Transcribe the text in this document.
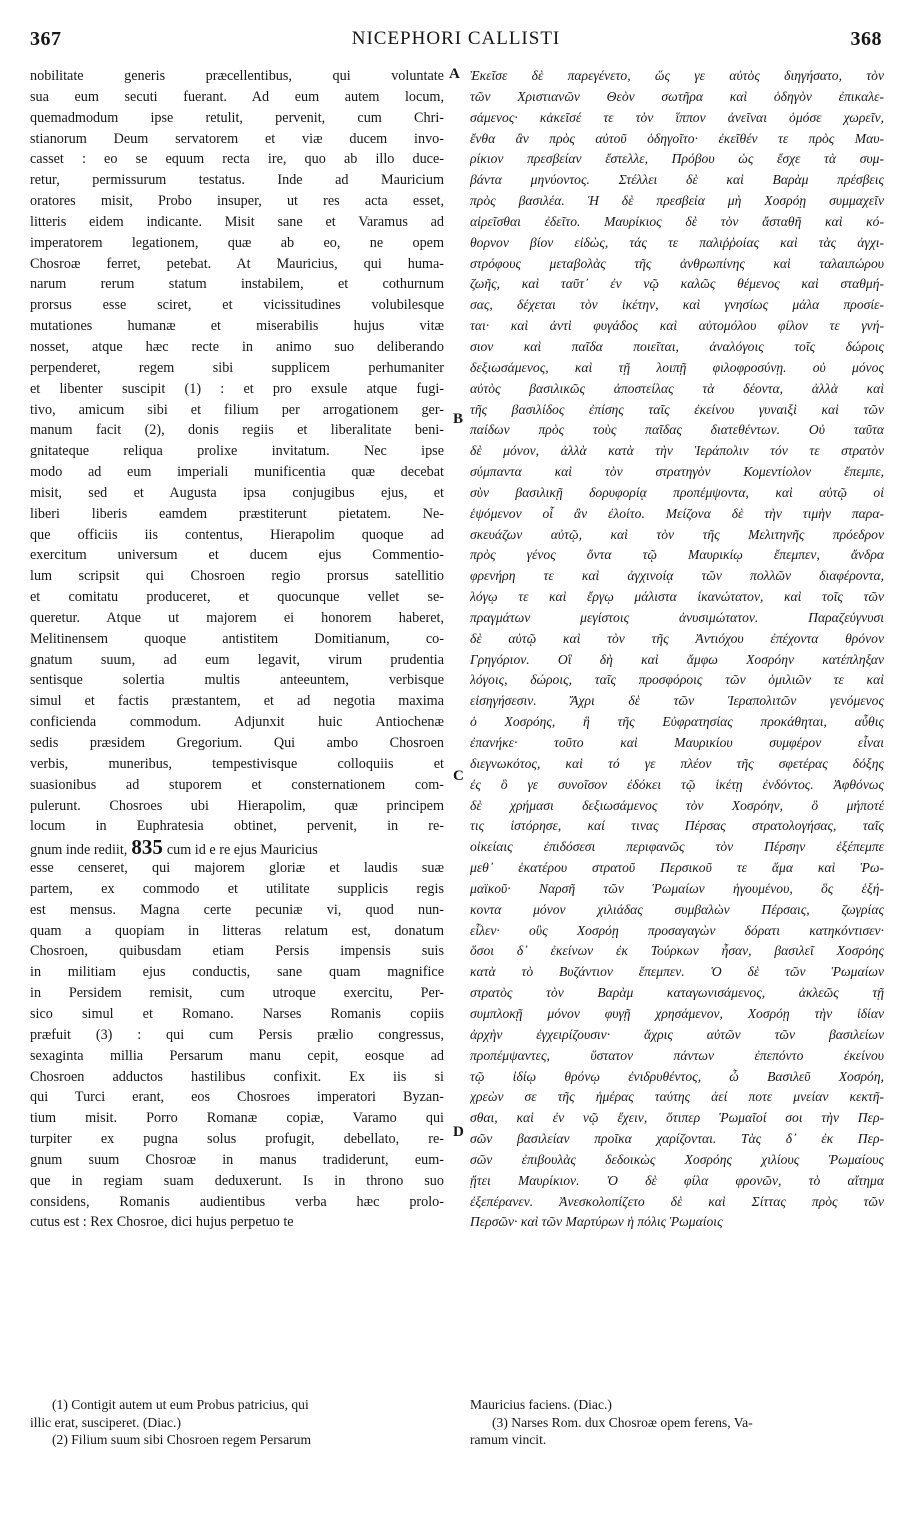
367	NICEPHORI CALLISTI	368
A
B
C
D
nobilitate generis præcellentibus, qui voluntate
sua eum secuti fuerant. Ad eum autem locum,
quemadmodum ipse retulit, pervenit, cum Chri-
stianorum Deum servatorem et viæ ducem invo-
casset : eo se equum recta ire, quo ab illo duce-
retur, permissurum testatus. Inde ad Mauricium
oratores misit, Probo insuper, ut res acta esset,
litteris eidem indicante. Misit sane et Varamus ad
imperatorem legationem, quæ ab eo, ne opem
Chosroæ ferret, petebat. At Mauricius, qui huma-
narum rerum statum instabilem, et cothurnum
prorsus esse sciret, et vicissitudines volubilesque
mutationes humanæ et miserabilis hujus vitæ
nosset, atque hæc recte in animo suo deliberando
perpenderet, regem sibi supplicem perhumaniter
et libenter suscipit (1) : et pro exsule atque fugi-
tivo, amicum sibi et filium per arrogationem ger-
manum facit (2), donis regiis et liberalitate beni-
gnitateque reliqua prolixe invitatum. Nec ipse
modo ad eum imperiali munificentia quæ decebat
misit, sed et Augusta ipsa conjugibus ejus, et
liberi liberis eamdem præstiterunt pietatem. Ne-
que officiis iis contentus, Hierapolim quoque ad
exercitum universum et ducem ejus Commentio-
lum scripsit qui Chosroen regio prorsus satellitio
et comitatu produceret, et quocunque vellet se-
queretur. Atque ut majorem ei honorem haberet,
Melitinensem quoque antistitem Domitianum, co-
gnatum suum, ad eum legavit, virum prudentia
sentisque solertia multis anteeuntem, verbisque
simul et factis præstantem, et ad negotia maxima
conficienda commodum. Adjunxit huic Antiochenæ
sedis præsidem Gregorium. Qui ambo Chosroen
verbis, muneribus, tempestivisque colloquiis et
suasionibus ad stuporem et consternationem com-
pulerunt. Chosroes ubi Hierapolim, quæ principem
locum in Euphratesia obtinet, pervenit, in re-
gnum inde rediit, 835 cum id e re ejus Mauricius
esse censeret, qui majorem gloriæ et laudis suæ
partem, ex commodo et utilitate supplicis regis
est mensus. Magna certe pecuniæ vi, quod nun-
quam a quopiam in litteras relatum est, donatum
Chosroen, quibusdam etiam Persis impensis suis
in militiam ejus conductis, sane quam magnifice
in Persidem remisit, cum utroque exercitu, Per-
sico simul et Romano. Narses Romanis copiis
præfuit (3) : qui cum Persis prælio congressus,
sexaginta millia Persarum manu cepit, eosque ad
Chosroen adductos hastilibus confixit. Ex iis si
qui Turci erant, eos Chosroes imperatori Byzan-
tium misit. Porro Romanæ copiæ, Varamo qui
turpiter ex pugna solus profugit, debellato, re-
gnum suum Chosroæ in manus tradiderunt, eum-
que in regiam suam deduxerunt. Is in throno suo
considens, Romanis audientibus verba hæc prolo-
cutus est : Rex Chosroe, dici hujus perpetuo te
Ἐκεῖσε δὲ παρεγένετο, ὥς γε αὐτὸς διηγήσατο, τὸν
τῶν Χριστιανῶν Θεὸν σωτῆρα καὶ ὁδηγὸν ἐπικαλε-
σάμενος· κἀκεῖσέ τε τὸν ἵππον ἀνεῖναι ὁμόσε χωρεῖν,
ἔνθα ἂν πρὸς αὐτοῦ ὁδηγοῖτο· ἐκεῖθέν τε πρὸς Μαυ-
ρίκιον πρεσβείαν ἔστελλε, Πρόβου ὡς ἔσχε τὰ συμ-
βάντα μηνύοντος. Στέλλει δὲ καὶ Βαρὰμ πρέσβεις
πρὸς βασιλέα. Ἡ δὲ πρεσβεία μὴ Χοσρόῃ συμμαχεῖν
αἱρεῖσθαι ἐδεῖτο. Μαυρίκιος δὲ τὸν ἄσταθῆ καὶ κό-
θορνον βίον εἰδὼς, τάς τε παλιῤῥοίας καὶ τὰς ἀγχι-
στρόφους μεταβολὰς τῆς ἀνθρωπίνης καὶ ταλαιπώρου
ζωῆς, καὶ ταῦτ᾽ ἐν νῷ καλῶς θέμενος καὶ σταθμή-
σας, δέχεται τὸν ἱκέτην, καὶ γνησίως μάλα προσίε-
ται· καὶ ἀντὶ φυγάδος καὶ αὐτομόλου φίλον τε γνή-
σιον καὶ παῖδα ποιεῖται, ἀναλόγοις τοῖς δώροις
δεξιωσάμενος, καὶ τῇ λοιπῇ φιλοφροσύνῃ. οὐ μόνος
αὐτὸς βασιλικῶς ἀποστείλας τὰ δέοντα, ἀλλὰ καὶ
τῆς βασιλίδος ἐπίσης ταῖς ἐκείνου γυναιξὶ καὶ τῶν
παίδων πρὸς τοὺς παῖδας διατεθέντων. Οὐ ταῦτα
δὲ μόνον, ἀλλὰ κατὰ τὴν Ἱεράπολιν τόν τε στρατὸν
σύμπαντα καὶ τὸν στρατηγὸν Κομεντίολον ἔπεμπε,
σὺν βασιλικῇ δορυφορίᾳ προπέμψοντα, καὶ αὐτῷ οἱ
ἑψόμενον οἷ ἂν ἐλοίτο. Μείζονα δὲ τὴν τιμὴν παρα-
σκευάζων αὐτῷ, καὶ τὸν τῆς Μελιτηνῆς πρόεδρον
πρὸς γένος ὄντα τῷ Μαυρικίῳ ἔπεμπεν, ἄνδρα
φρενήρη τε καὶ ἀγχινοίᾳ τῶν πολλῶν διαφέροντα,
λόγῳ τε καὶ ἔργῳ μάλιστα ἱκανώτατον, καὶ τοῖς τῶν
πραγμάτων μεγίστοις ἀνυσιμώτατον. Παραζεύγνυσι
δὲ αὐτῷ καὶ τὸν τῆς Ἀντιόχου ἐπέχοντα θρόνον
Γρηγόριον. Οἳ δὴ καὶ ἄμφω Χοσρόην κατέπληξαν
λόγοις, δώροις, ταῖς προσφόροις τῶν ὁμιλιῶν τε καὶ
εἰσηγήσεσιν. Ἄχρι δὲ τῶν Ἱεραπολιτῶν γενόμενος
ὁ Χοσρόης, ἣ τῆς Εὐφρατησίας προκάθηται, αὖθις
ἐπανήκε· τοῦτο καὶ Μαυρικίου συμφέρον εἶναι
διεγνωκότος, καὶ τό γε πλέον τῆς σφετέρας δόξης
ἐς ὃ γε συνοῖσον ἐδόκει τῷ ἱκέτῃ ἐνδόντος. Ἀφθόνως
δὲ χρήμασι δεξιωσάμενος τὸν Χοσρόην, ὃ μήποτέ
τις ἱστόρησε, καί τινας Πέρσας στρατολογήσας, ταῖς
οἰκείαις ἐπιδόσεσι περιφανῶς τὸν Πέρσην ἐξέπεμπε
μεθ᾽ ἑκατέρου στρατοῦ Περσικοῦ τε ἅμα καὶ Ῥω-
μαϊκοῦ· Ναρσῆ τῶν Ῥωμαίων ἡγουμένου, ὃς ἑξή-
κοντα μόνον χιλιάδας συμβαλὼν Πέρσαις, ζωγρίας
εἷλεν· οὓς Χοσρόῃ προσαγαγὼν δόρατι κατηκόντισεν·
ὅσοι δ᾽ ἐκείνων ἐκ Τούρκων ἦσαν, βασιλεῖ Χοσρόης
κατὰ τὸ Βυζάντιον ἔπεμπεν. Ὁ δὲ τῶν Ῥωμαίων
στρατὸς τὸν Βαρὰμ καταγωνισάμενος, ἀκλεῶς τῇ
συμπλοκῇ μόνον φυγῇ χρησάμενον, Χοσρόῃ τὴν ἰδίαν
ἀρχὴν ἐγχειρίζουσιν· ἄχρις αὐτῶν τῶν βασιλείων
προπέμψαντες, ὕστατον πάντων ἐπεπόντο ἐκείνου
τῷ ἰδίῳ θρόνῳ ἐνιδρυθέντος, ὦ Βασιλεῦ Χοσρόη,
χρεὼν σε τῆς ἡμέρας ταύτης ἀεί ποτε μνείαν κεκτῆ-
σθαι, καὶ ἐν νῷ ἔχειν, ὅτιπερ Ῥωμαῖοί σοι τὴν Περ-
σῶν βασιλείαν προῖκα χαρίζονται. Τὰς δ᾽ ἐκ Περ-
σῶν ἐπιβουλὰς δεδοικὼς Χοσρόης χιλίους Ῥωμαίους
ᾔτει Μαυρίκιον. Ὁ δὲ φίλα φρονῶν, τὸ αἴτημα
ἐξεπέρανεν. Ἀνεσκολοπίζετο δὲ καὶ Σίττας πρὸς τῶν
Περσῶν· καὶ τῶν Μαρτύρων ἡ πόλις Ῥωμαίοις
(1) Contigit autem ut eum Probus patricius, qui
illic erat, susciperet. (Diac.)
(2) Filium suum sibi Chosroen regem Persarum
Mauricius faciens. (Diac.)
(3) Narses Rom. dux Chosroæ opem ferens, Va-
ramum vincit.
